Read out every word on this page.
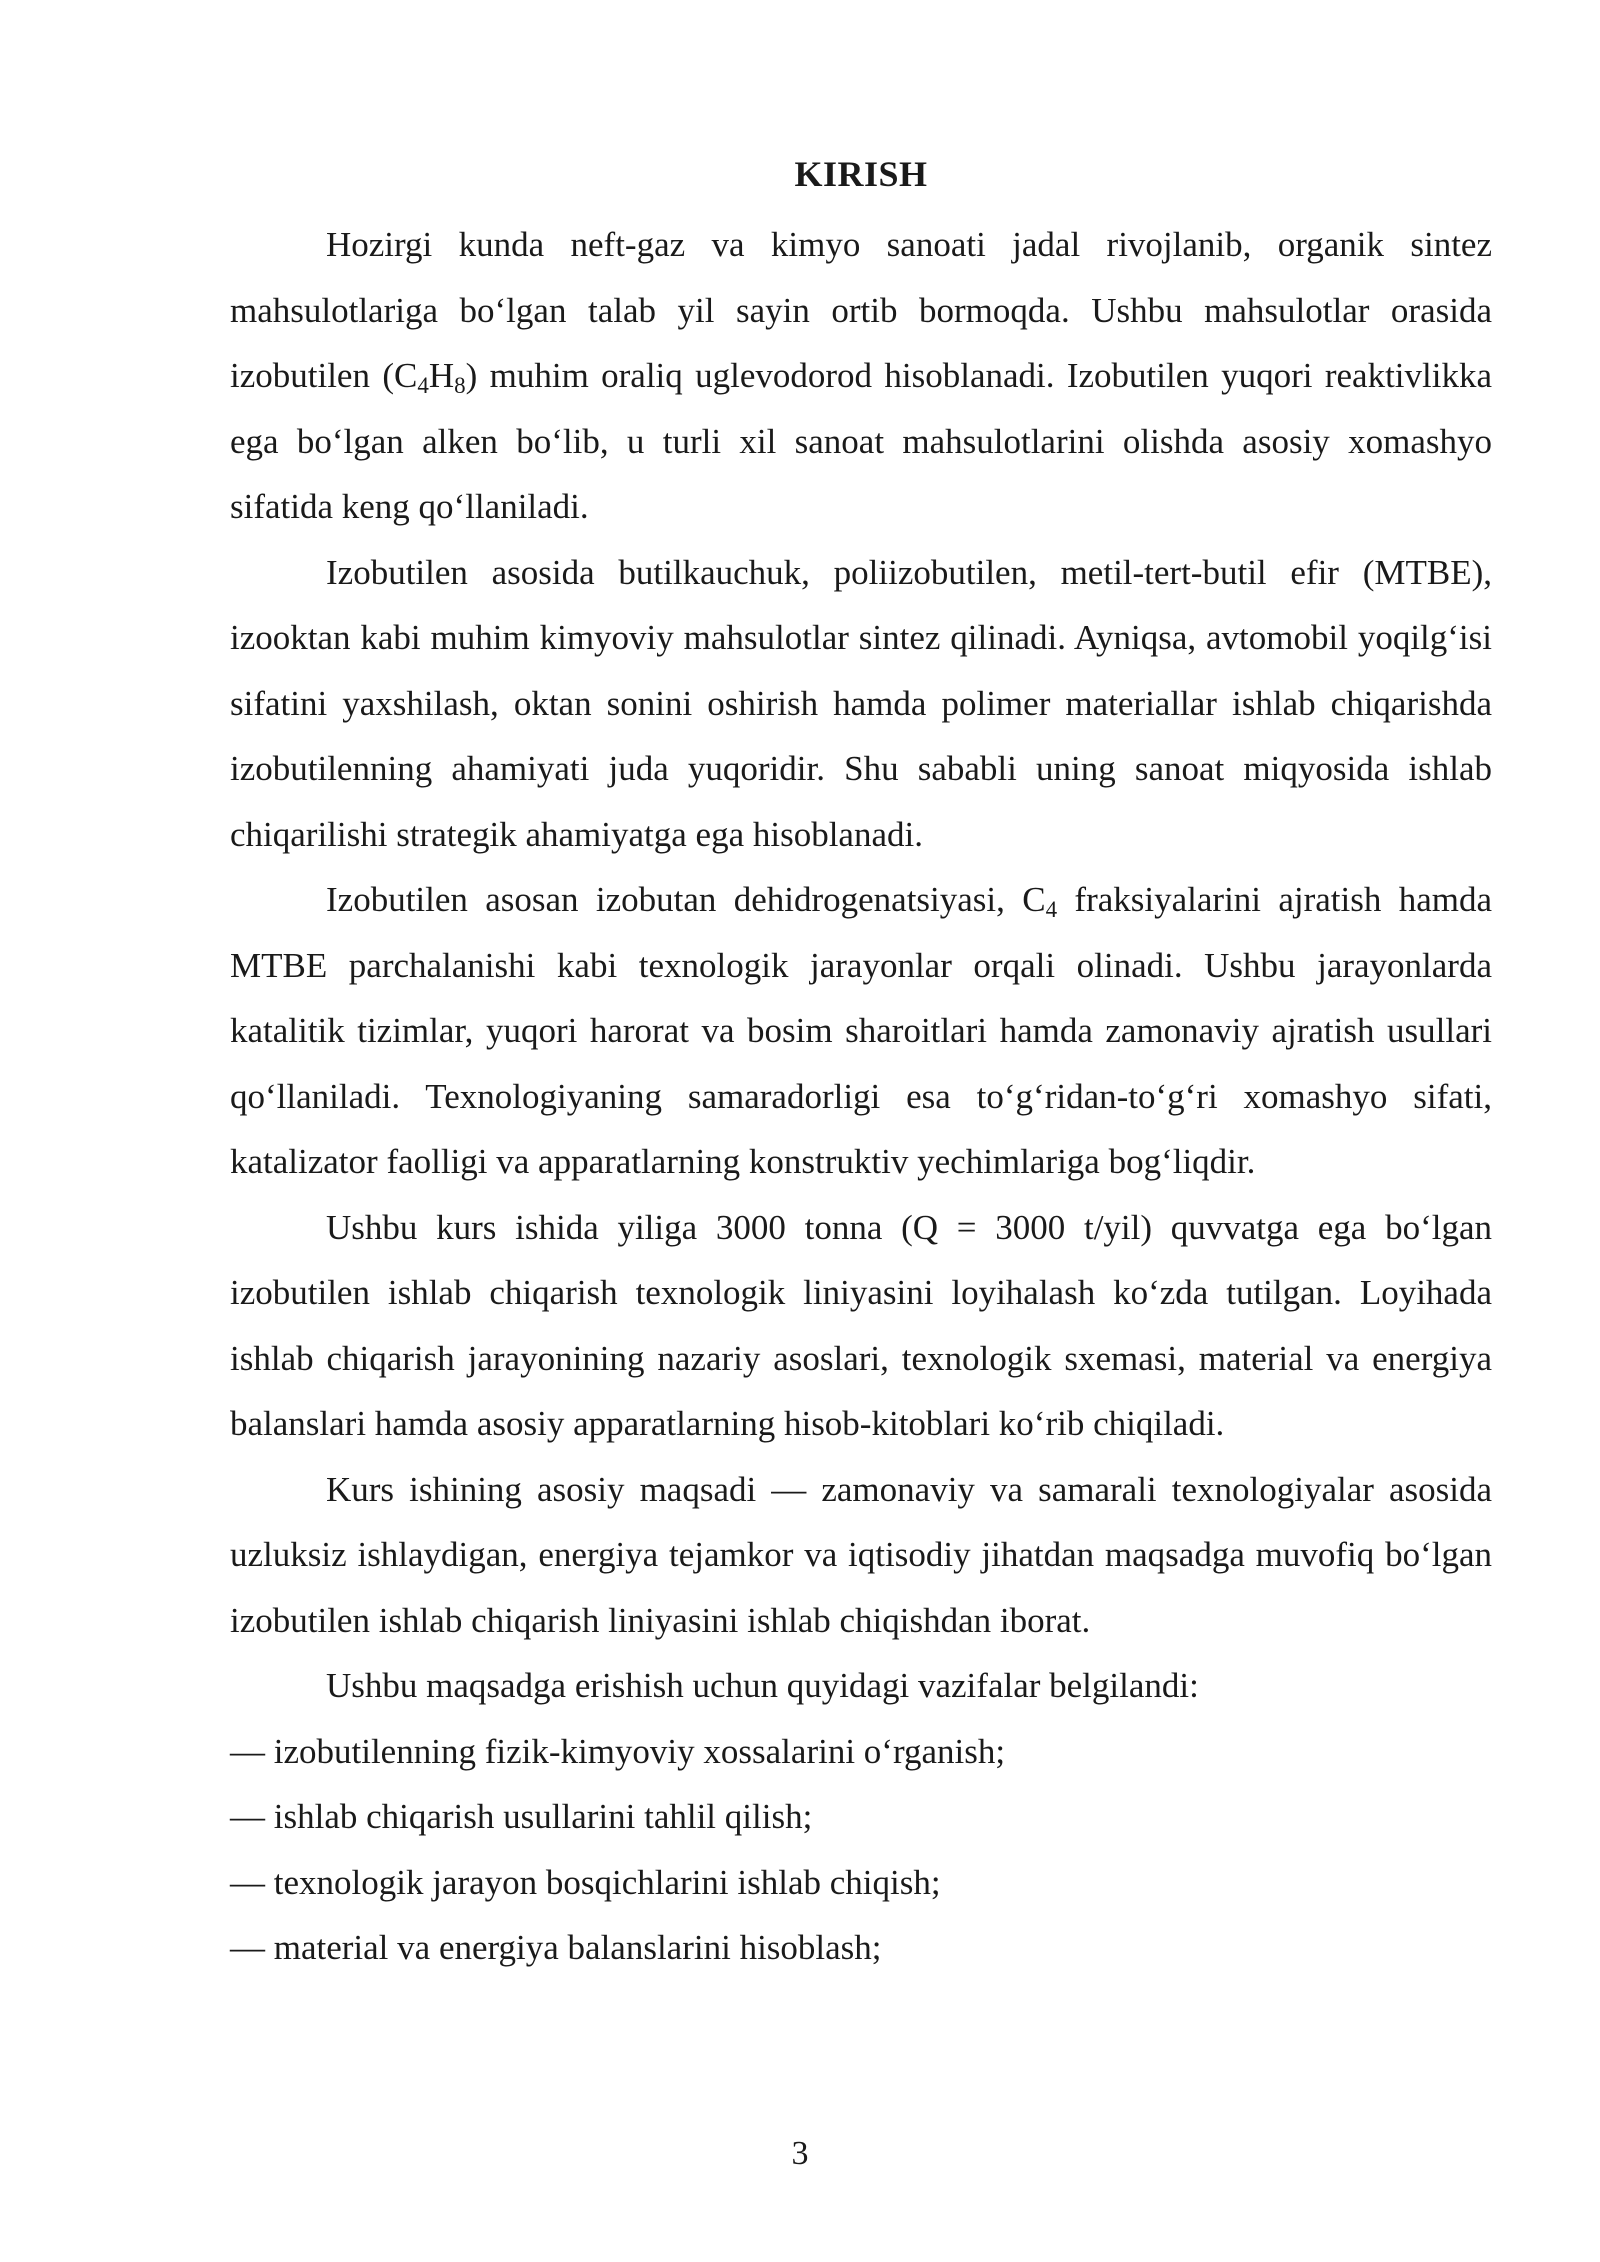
KIRISH

Hozirgi kunda neft-gaz va kimyo sanoati jadal rivojlanib, organik sintez mahsulotlariga bo‘lgan talab yil sayin ortib bormoqda. Ushbu mahsulotlar orasida izobutilen $(C_4H_8)$ muhim oraliq uglevodorod hisoblanadi. Izobutilen yuqori reaktivlikka ega bo‘lgan alken bo‘lib, u turli xil sanoat mahsulotlarini olishda asosiy xomashyo sifatida keng qo‘llaniladi.

Izobutilen asosida butilkauchuk, poliizobutilen, metil-tert-butil efir (MTBE), izooktan kabi muhim kimyoviy mahsulotlar sintez qilinadi. Ayniqsa, avtomobil yoqilg‘isi sifatini yaxshilash, oktan sonini oshirish hamda polimer materiallar ishlab chiqarishda izobutilenning ahamiyati juda yuqoridir. Shu sababli uning sanoat miqyosida ishlab chiqarilishi strategik ahamiyatga ega hisoblanadi.

Izobutilen asosan izobutan dehidrogenatsiyasi, $C_4$ fraksiyalarini ajratish hamda MTBE parchalanishi kabi texnologik jarayonlar orqali olinadi. Ushbu jarayonlarda katalitik tizimlar, yuqori harorat va bosim sharoitlari hamda zamonaviy ajratish usullari qo‘llaniladi. Texnologiyaning samaradorligi esa to‘g‘ridan-to‘g‘ri xomashyo sifati, katalizator faolligi va apparatlarning konstruktiv yechimlariga bog‘liqdir.

Ushbu kurs ishida yiliga 3000 tonna (Q = 3000 t/yil) quvvatga ega bo‘lgan izobutilen ishlab chiqarish texnologik liniyasini loyihalash ko‘zda tutilgan. Loyihada ishlab chiqarish jarayonining nazariy asoslari, texnologik sxemasi, material va energiya balanslari hamda asosiy apparatlarning hisob-kitoblari ko‘rib chiqiladi.

Kurs ishining asosiy maqsadi — zamonaviy va samarali texnologiyalar asosida uzluksiz ishlaydigan, energiya tejamkor va iqtisodiy jihatdan maqsadga muvofiq bo‘lgan izobutilen ishlab chiqarish liniyasini ishlab chiqishdan iborat.

Ushbu maqsadga erishish uchun quyidagi vazifalar belgilandi:

— izobutilenning fizik-kimyoviy xossalarini o‘rganish;

— ishlab chiqarish usullarini tahlil qilish;

— texnologik jarayon bosqichlarini ishlab chiqish;

— material va energiya balanslarini hisoblash;

3
